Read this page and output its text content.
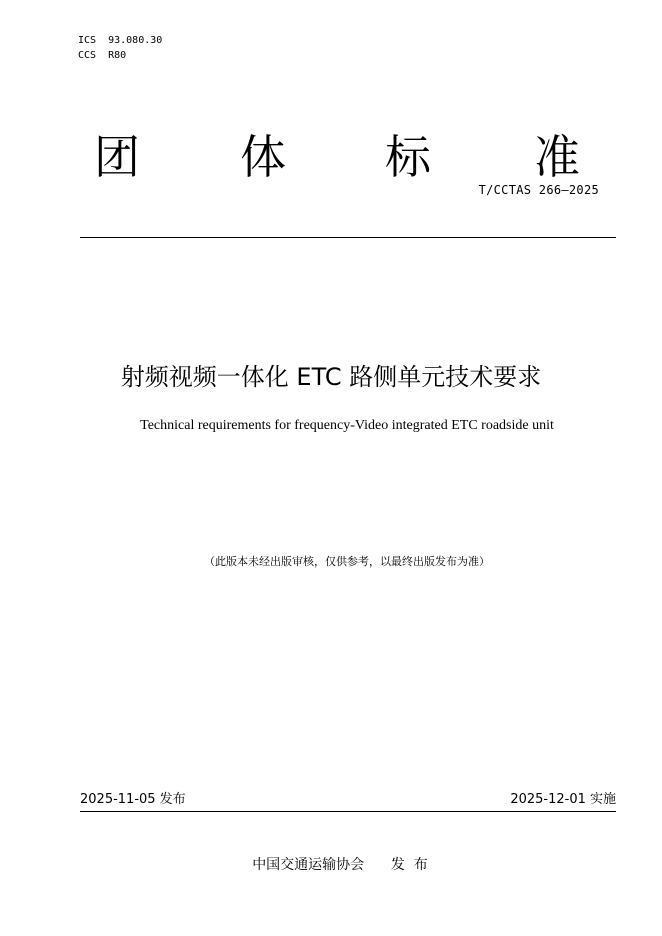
ICS  93.080.30
CCS  R80
团 体 标 准
T/CCTAS 266—2025
射频视频一体化 ETC 路侧单元技术要求
Technical requirements for frequency-Video integrated ETC roadside unit
（此版本未经出版审核，仅供参考，以最终出版发布为准）
2025-11-05 发布	2025-12-01 实施
中国交通运输协会      发  布
